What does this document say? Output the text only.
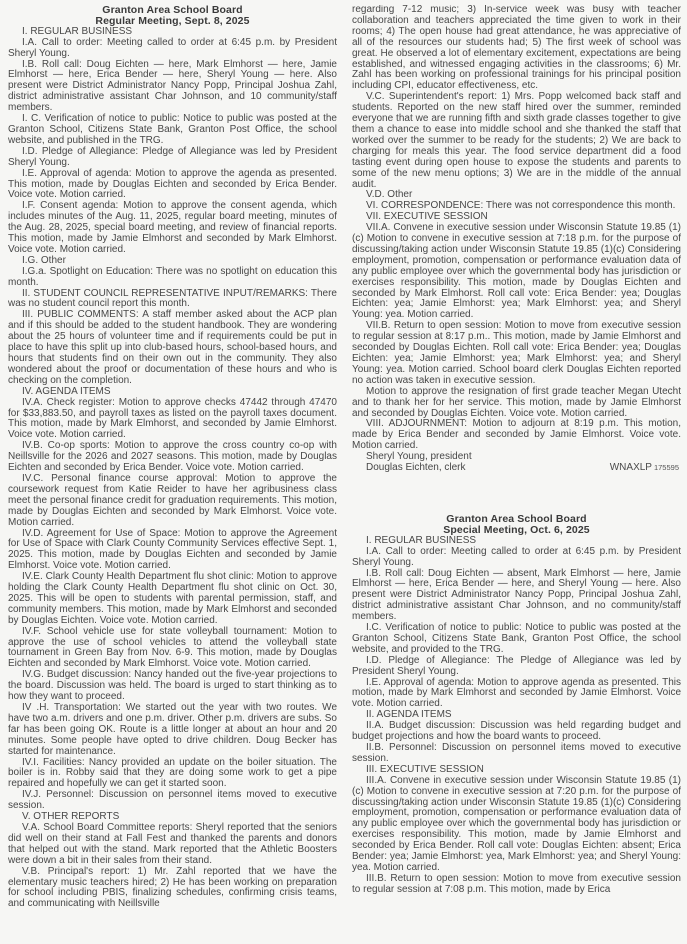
Granton Area School Board

Regular Meeting, Sept. 8, 2025

I. REGULAR BUSINESS

I.A. Call to order: Meeting called to order at 6:45 p.m. by President Sheryl Young.

I.B. Roll call: Doug Eichten — here, Mark Elmhorst — here, Jamie Elmhorst — here, Erica Bender — here, Sheryl Young — here. Also present were District Administrator Nancy Popp, Principal Joshua Zahl, district administrative assistant Char Johnson, and 10 community/staff members.

I. C. Verification of notice to public: Notice to public was posted at the Granton School, Citizens State Bank, Granton Post Office, the school website, and published in the TRG.

I.D. Pledge of Allegiance: Pledge of Allegiance was led by President Sheryl Young.

I.E. Approval of agenda: Motion to approve the agenda as presented. This motion, made by Douglas Eichten and seconded by Erica Bender. Voice vote. Motion carried.

I.F. Consent agenda: Motion to approve the consent agenda, which includes minutes of the Aug. 11, 2025, regular board meeting, minutes of the Aug. 28, 2025, special board meeting, and review of financial reports. This motion, made by Jamie Elmhorst and seconded by Mark Elmhorst. Voice vote. Motion carried.

I.G. Other

I.G.a. Spotlight on Education: There was no spotlight on education this month.

II. STUDENT COUNCIL REPRESENTATIVE INPUT/REMARKS: There was no student council report this month.

III. PUBLIC COMMENTS: A staff member asked about the ACP plan and if this should be added to the student handbook. They are wondering about the 25 hours of volunteer time and if requirements could be put in place to have this split up into club-based hours, school-based hours, and hours that students find on their own out in the community. They also wondered about the proof or documentation of these hours and who is checking on the completion.

IV. AGENDA ITEMS

IV.A. Check register: Motion to approve checks 47442 through 47470 for $33,883.50, and payroll taxes as listed on the payroll taxes document. This motion, made by Mark Elmhorst, and seconded by Jamie Elmhorst. Voice vote. Motion carried.

IV.B. Co-op sports: Motion to approve the cross country co-op with Neillsville for the 2026 and 2027 seasons. This motion, made by Douglas Eichten and seconded by Erica Bender. Voice vote. Motion carried.

IV.C. Personal finance course approval: Motion to approve the coursework request from Katie Reider to have her agribusiness class meet the personal finance credit for graduation requirements. This motion, made by Douglas Eichten and seconded by Mark Elmhorst. Voice vote. Motion carried.

IV.D. Agreement for Use of Space: Motion to approve the Agreement for Use of Space with Clark County Community Services effective Sept. 1, 2025. This motion, made by Douglas Eichten and seconded by Jamie Elmhorst. Voice vote. Motion carried.

IV.E. Clark County Health Department flu shot clinic: Motion to approve holding the Clark County Health Department flu shot clinic on Oct. 30, 2025. This will be open to students with parental permission, staff, and community members. This motion, made by Mark Elmhorst and seconded by Douglas Eichten. Voice vote. Motion carried.

IV.F. School vehicle use for state volleyball tournament: Motion to approve the use of school vehicles to attend the volleyball state tournament in Green Bay from Nov. 6-9. This motion, made by Douglas Eichten and seconded by Mark Elmhorst. Voice vote. Motion carried.

IV.G. Budget discussion: Nancy handed out the five-year projections to the board. Discussion was held. The board is urged to start thinking as to how they want to proceed.

IV .H. Transportation: We started out the year with two routes. We have two a.m. drivers and one p.m. driver. Other p.m. drivers are subs. So far has been going OK. Route is a little longer at about an hour and 20 minutes. Some people have opted to drive children. Doug Becker has started for maintenance.

IV.I. Facilities: Nancy provided an update on the boiler situation. The boiler is in. Robby said that they are doing some work to get a pipe repaired and hopefully we can get it started soon.

IV.J. Personnel: Discussion on personnel items moved to executive session.

V. OTHER REPORTS

V.A. School Board Committee reports: Sheryl reported that the seniors did well on their stand at Fall Fest and thanked the parents and donors that helped out with the stand. Mark reported that the Athletic Boosters were down a bit in their sales from their stand.

V.B. Principal's report: 1) Mr. Zahl reported that we have the elementary music teachers hired; 2) He has been working on preparation for school including PBIS, finalizing schedules, confirming crisis teams, and communicating with Neillsville

regarding 7-12 music; 3) In-service week was busy with teacher collaboration and teachers appreciated the time given to work in their rooms; 4) The open house had great attendance, he was appreciative of all of the resources our students had; 5) The first week of school was great. He observed a lot of elementary excitement, expectations are being established, and witnessed engaging activities in the classrooms; 6) Mr. Zahl has been working on professional trainings for his principal position including CPI, educator effectiveness, etc.

V.C. Superintendent's report: 1) Mrs. Popp welcomed back staff and students. Reported on the new staff hired over the summer, reminded everyone that we are running fifth and sixth grade classes together to give them a chance to ease into middle school and she thanked the staff that worked over the summer to be ready for the students; 2) We are back to charging for meals this year. The food service department did a food tasting event during open house to expose the students and parents to some of the new menu options; 3) We are in the middle of the annual audit.

V.D. Other

VI. CORRESPONDENCE: There was not correspondence this month.

VII. EXECUTIVE SESSION

VII.A. Convene in executive session under Wisconsin Statute 19.85 (1)(c) Motion to convene in executive session at 7:18 p.m. for the purpose of discussing/taking action under Wisconsin Statute 19.85 (1)(c) Considering employment, promotion, compensation or performance evaluation data of any public employee over which the governmental body has jurisdiction or exercises responsibility. This motion, made by Douglas Eichten and seconded by Mark Elmhorst. Roll call vote: Erica Bender: yea; Douglas Eichten: yea; Jamie Elmhorst: yea; Mark Elmhorst: yea; and Sheryl Young: yea. Motion carried.

VII.B. Return to open session: Motion to move from executive session to regular session at 8:17 p.m.. This motion, made by Jamie Elmhorst and seconded by Douglas Eichten. Roll call vote: Erica Bender: yea; Douglas Eichten: yea; Jamie Elmhorst: yea; Mark Elmhorst: yea; and Sheryl Young: yea. Motion carried. School board clerk Douglas Eichten reported no action was taken in executive session.

Motion to approve the resignation of first grade teacher Megan Utecht and to thank her for her service. This motion, made by Jamie Elmhorst and seconded by Douglas Eichten. Voice vote. Motion carried.

VIII. ADJOURNMENT: Motion to adjourn at 8:19 p.m. This motion, made by Erica Bender and seconded by Jamie Elmhorst. Voice vote. Motion carried.

Sheryl Young, president

Douglas Eichten, clerk	WNAXLP 175595

Granton Area School Board

Special Meeting, Oct. 6, 2025

I. REGULAR BUSINESS

I.A. Call to order: Meeting called to order at 6:45 p.m. by President Sheryl Young.

I.B. Roll call: Doug Eichten — absent, Mark Elmhorst — here, Jamie Elmhorst — here, Erica Bender — here, and Sheryl Young — here. Also present were District Administrator Nancy Popp, Principal Joshua Zahl, district administrative assistant Char Johnson, and no community/staff members.

I.C. Verification of notice to public: Notice to public was posted at the Granton School, Citizens State Bank, Granton Post Office, the school website, and provided to the TRG.

I.D. Pledge of Allegiance: The Pledge of Allegiance was led by President Sheryl Young.

I.E. Approval of agenda: Motion to approve agenda as presented. This motion, made by Mark Elmhorst and seconded by Jamie Elmhorst. Voice vote. Motion carried.

II. AGENDA ITEMS

II.A. Budget discussion: Discussion was held regarding budget and budget projections and how the board wants to proceed.

II.B. Personnel: Discussion on personnel items moved to executive session.

III. EXECUTIVE SESSION

III.A. Convene in executive session under Wisconsin Statute 19.85 (1)(c) Motion to convene in executive session at 7:20 p.m. for the purpose of discussing/taking action under Wisconsin Statute 19.85 (1)(c) Considering employment, promotion, compensation or performance evaluation data of any public employee over which the governmental body has jurisdiction or exercises responsibility. This motion, made by Jamie Elmhorst and seconded by Erica Bender. Roll call vote: Douglas Eichten: absent; Erica Bender: yea; Jamie Elmhorst: yea, Mark Elmhorst: yea; and Sheryl Young: yea. Motion carried.

III.B. Return to open session: Motion to move from executive session to regular session at 7:08 p.m. This motion, made by Erica
